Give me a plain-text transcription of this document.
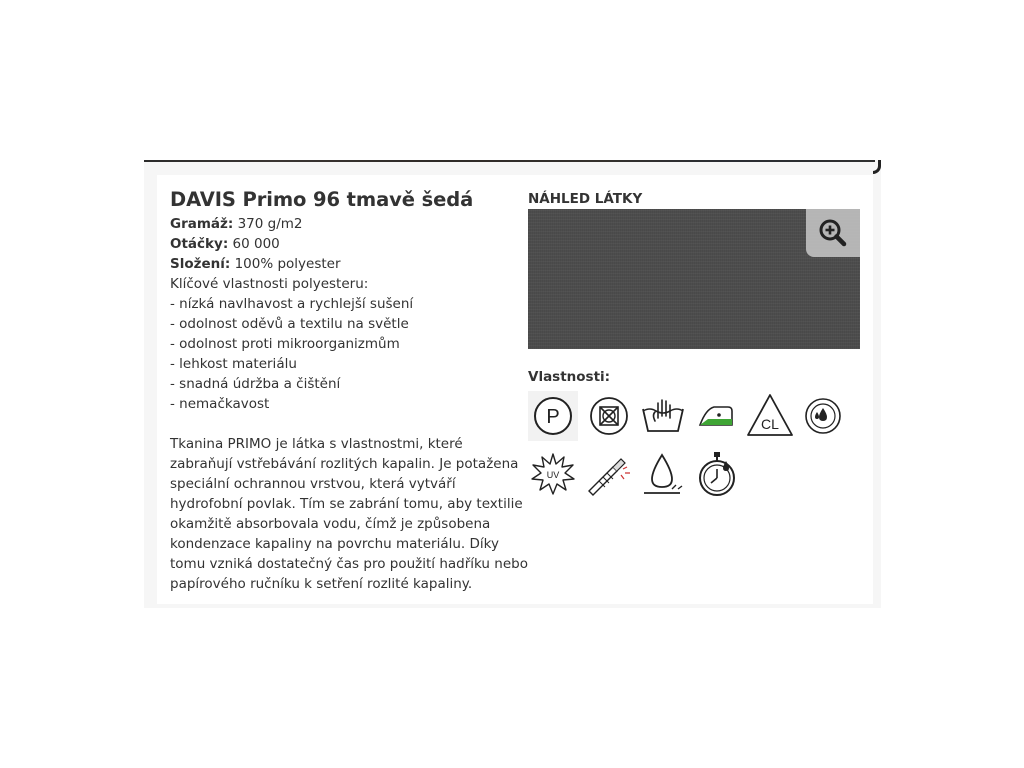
DAVIS Primo 96 tmavě šedá
Gramáž: 370 g/m2
Otáčky: 60 000
Složení: 100% polyester
Klíčové vlastnosti polyesteru:
- nízká navlhavost a rychlejší sušení
- odolnost oděvů a textilu na světle
- odolnost proti mikroorganizmům
- lehkost materiálu
- snadná údržba a čištění
- nemačkavost
Tkanina PRIMO je látka s vlastnostmi, které
zabraňují vstřebávání rozlitých kapalin. Je potažena
speciální ochrannou vrstvou, která vytváří
hydrofobní povlak. Tím se zabrání tomu, aby textilie
okamžitě absorbovala vodu, čímž je způsobena
kondenzace kapaliny na povrchu materiálu. Díky
tomu vzniká dostatečný čas pro použití hadříku nebo
papírového ručníku k setření rozlité kapaliny.
NÁHLED LÁTKY
Vlastnosti:
P	CL
UV
